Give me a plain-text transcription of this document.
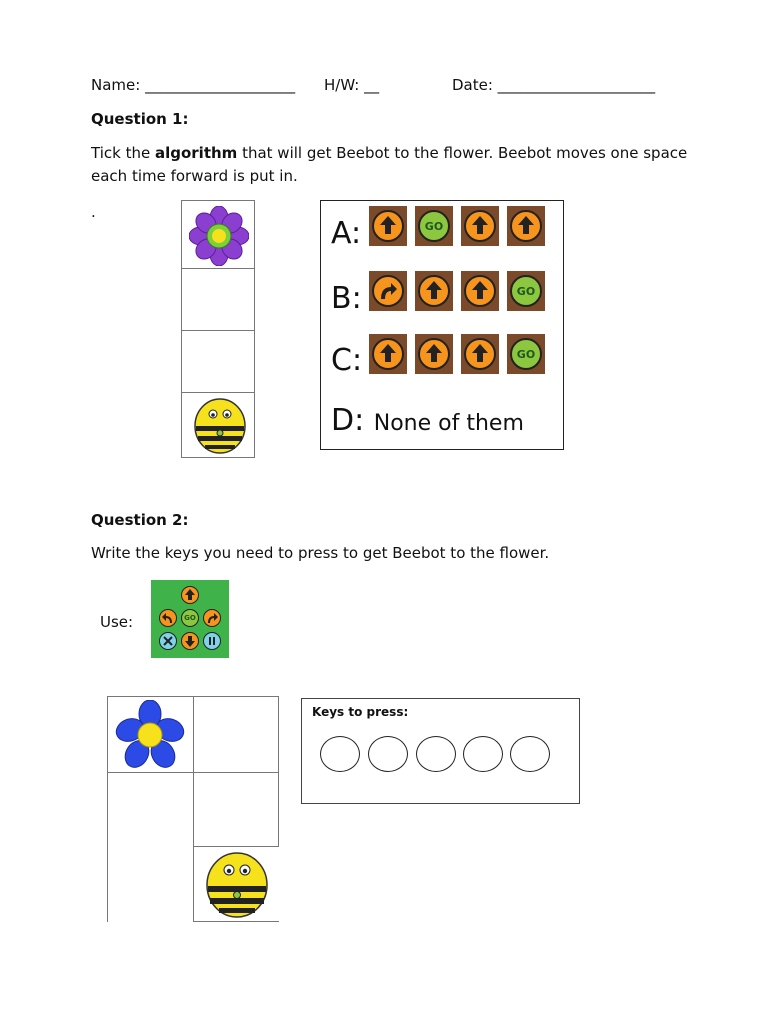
Name: ____________________ H/W: __	Date: _____________________
Question 1:
Tick the algorithm that will get Beebot to the flower. Beebot moves one space
each time forward is put in.
.
A:
B:
C:
D: None of them
GO
GO
GO
Question 2:
Write the keys you need to press to get Beebot to the flower.
Use:	GO
Keys to press:
